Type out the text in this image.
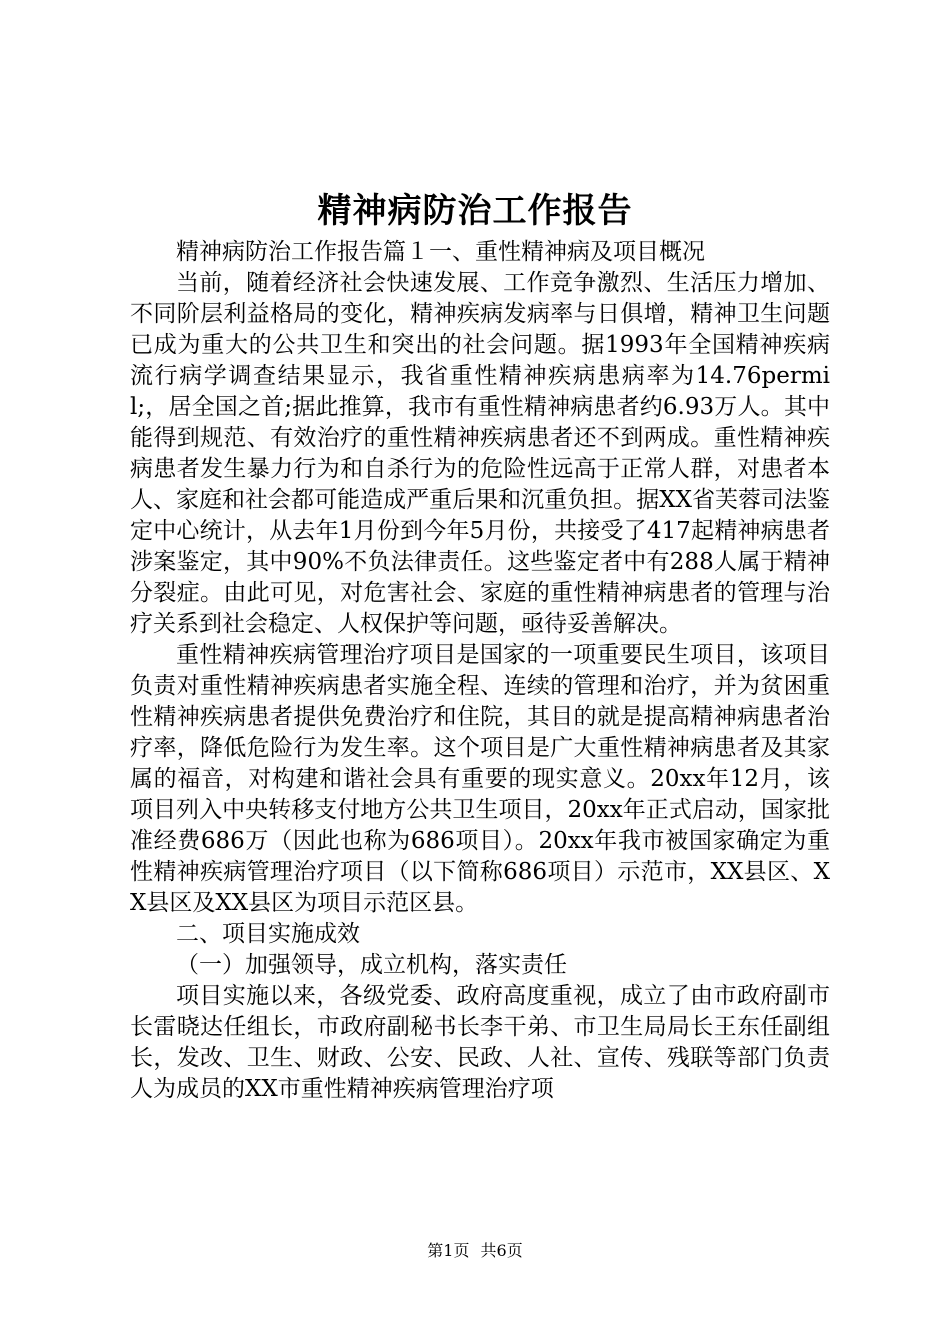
精神病防治工作报告

精神病防治工作报告篇１一、重性精神病及项目概况

当前，随着经济社会快速发展、工作竞争激烈、生活压力增加、不同阶层利益格局的变化，精神疾病发病率与日俱增，精神卫生问题已成为重大的公共卫生和突出的社会问题。据1993年全国精神疾病流行病学调查结果显示，我省重性精神疾病患病率为14.76permil;，居全国之首;据此推算，我市有重性精神病患者约6.93万人。其中能得到规范、有效治疗的重性精神疾病患者还不到两成。重性精神疾病患者发生暴力行为和自杀行为的危险性远高于正常人群，对患者本人、家庭和社会都可能造成严重后果和沉重负担。据XX省芙蓉司法鉴定中心统计，从去年1月份到今年5月份，共接受了417起精神病患者涉案鉴定，其中90%不负法律责任。这些鉴定者中有288人属于精神分裂症。由此可见，对危害社会、家庭的重性精神病患者的管理与治疗关系到社会稳定、人权保护等问题，亟待妥善解决。

重性精神疾病管理治疗项目是国家的一项重要民生项目，该项目负责对重性精神疾病患者实施全程、连续的管理和治疗，并为贫困重性精神疾病患者提供免费治疗和住院，其目的就是提高精神病患者治疗率，降低危险行为发生率。这个项目是广大重性精神病患者及其家属的福音，对构建和谐社会具有重要的现实意义。20xx年12月，该项目列入中央转移支付地方公共卫生项目，20xx年正式启动，国家批准经费686万（因此也称为686项目）。20xx年我市被国家确定为重性精神疾病管理治疗项目（以下简称686项目）示范市，XX县区、XX县区及XX县区为项目示范区县。

二、项目实施成效

（一）加强领导，成立机构，落实责任

项目实施以来，各级党委、政府高度重视，成立了由市政府副市长雷晓达任组长，市政府副秘书长李干弟、市卫生局局长王东任副组长，发改、卫生、财政、公安、民政、人社、宣传、残联等部门负责人为成员的XX市重性精神疾病管理治疗项

第1页 共6页
